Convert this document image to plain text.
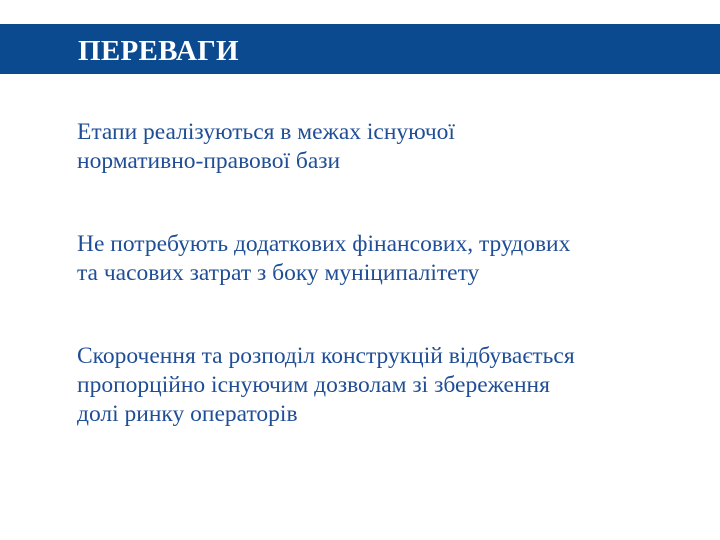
ПЕРЕВАГИ
Етапи реалізуються в межах існуючої
нормативно-правової бази
Не потребують додаткових фінансових, трудових
та часових затрат з боку муніципалітету
Скорочення та розподіл конструкцій відбувається
пропорційно існуючим дозволам зі збереження
долі ринку операторів
